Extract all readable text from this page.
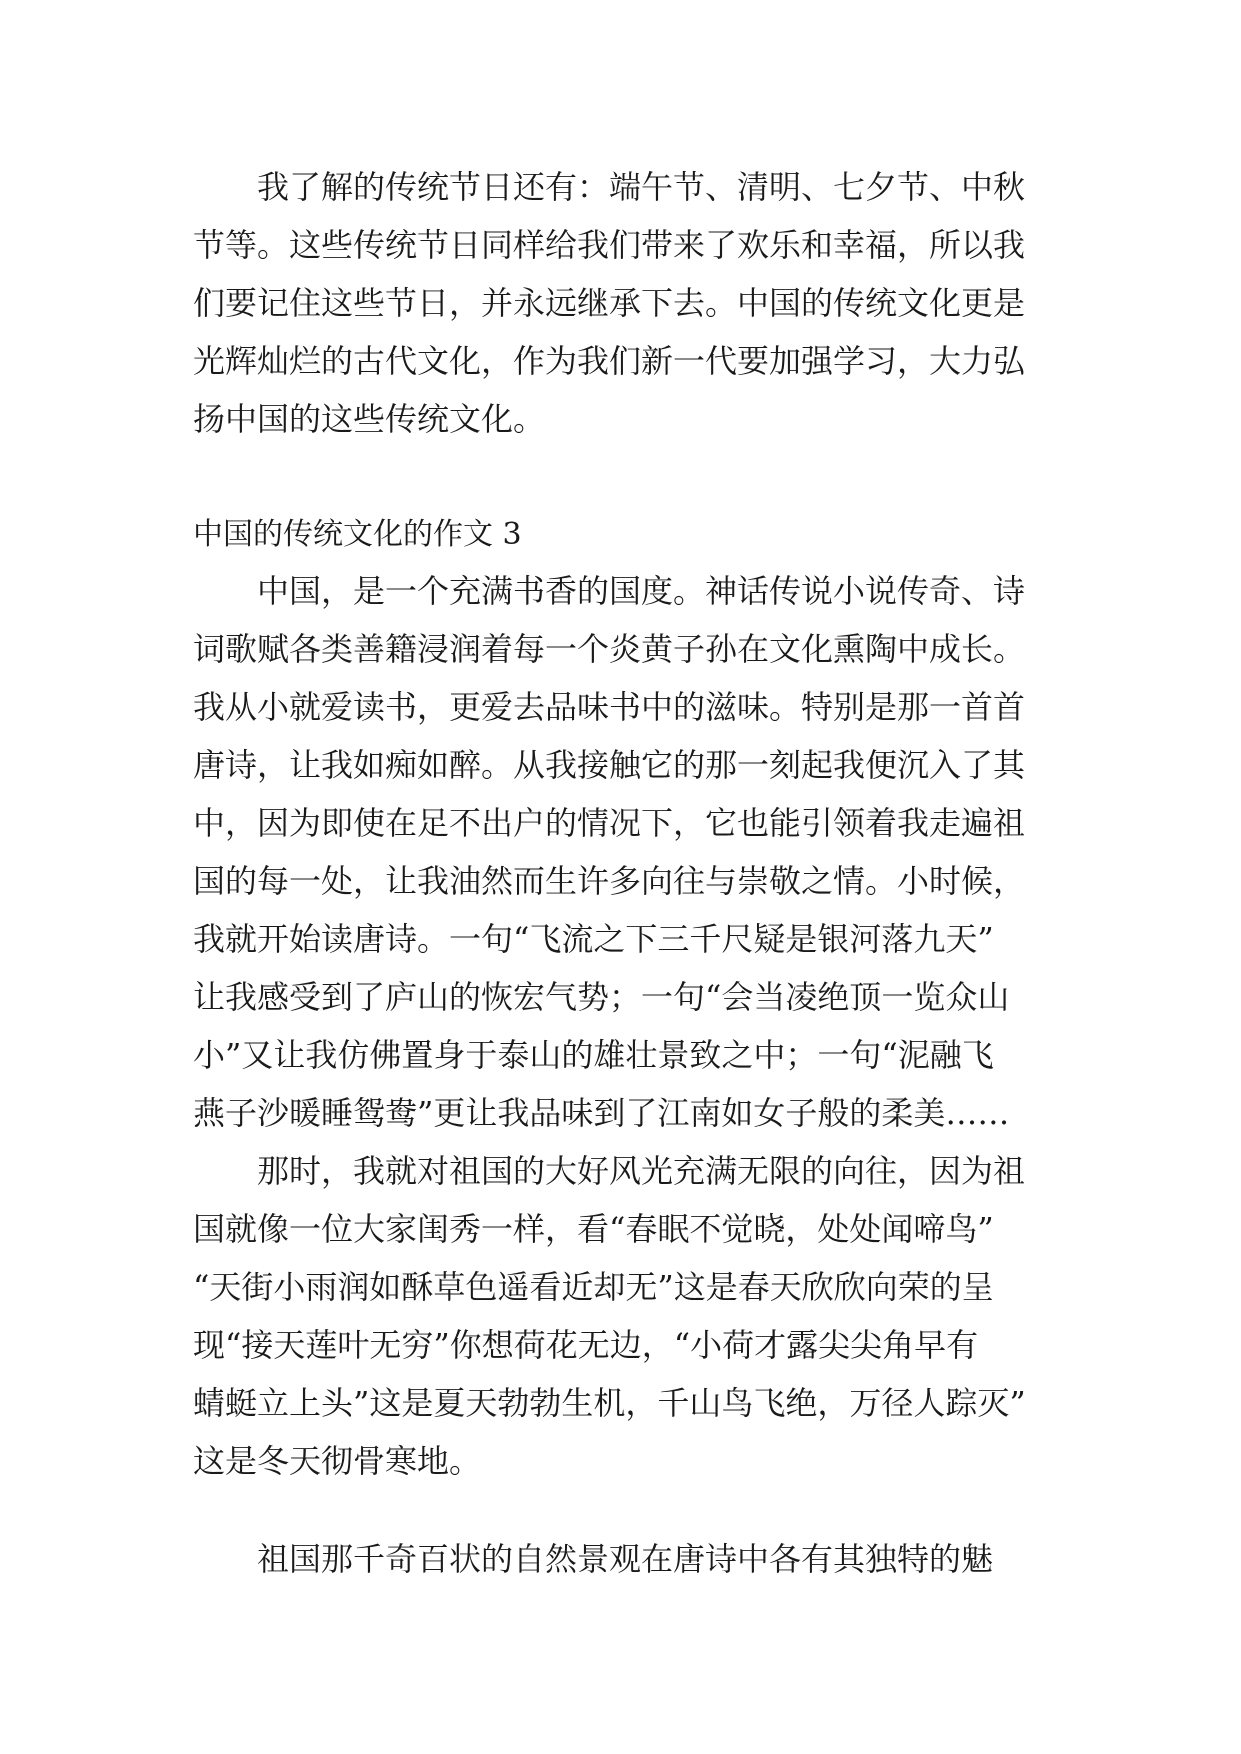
我了解的传统节日还有：端午节、清明、七夕节、中秋
节等。这些传统节日同样给我们带来了欢乐和幸福，所以我
们要记住这些节日，并永远继承下去。中国的传统文化更是
光辉灿烂的古代文化，作为我们新一代要加强学习，大力弘
扬中国的这些传统文化。
中国的传统文化的作文 3
中国，是一个充满书香的国度。神话传说小说传奇、诗
词歌赋各类善籍浸润着每一个炎黄子孙在文化熏陶中成长。
我从小就爱读书，更爱去品味书中的滋味。特别是那一首首
唐诗，让我如痴如醉。从我接触它的那一刻起我便沉入了其
中，因为即使在足不出户的情况下，它也能引领着我走遍祖
国的每一处，让我油然而生许多向往与崇敬之情。小时候，
我就开始读唐诗。一句“飞流之下三千尺疑是银河落九天”
让我感受到了庐山的恢宏气势；一句“会当凌绝顶一览众山
小”又让我仿佛置身于泰山的雄壮景致之中；一句“泥融飞
燕子沙暖睡鸳鸯”更让我品味到了江南如女子般的柔美……
那时，我就对祖国的大好风光充满无限的向往，因为祖
国就像一位大家闺秀一样，看“春眠不觉晓，处处闻啼鸟”
“天街小雨润如酥草色遥看近却无”这是春天欣欣向荣的呈
现“接天莲叶无穷”你想荷花无边，“小荷才露尖尖角早有
蜻蜓立上头”这是夏天勃勃生机，千山鸟飞绝，万径人踪灭”
这是冬天彻骨寒地。
祖国那千奇百状的自然景观在唐诗中各有其独特的魅
